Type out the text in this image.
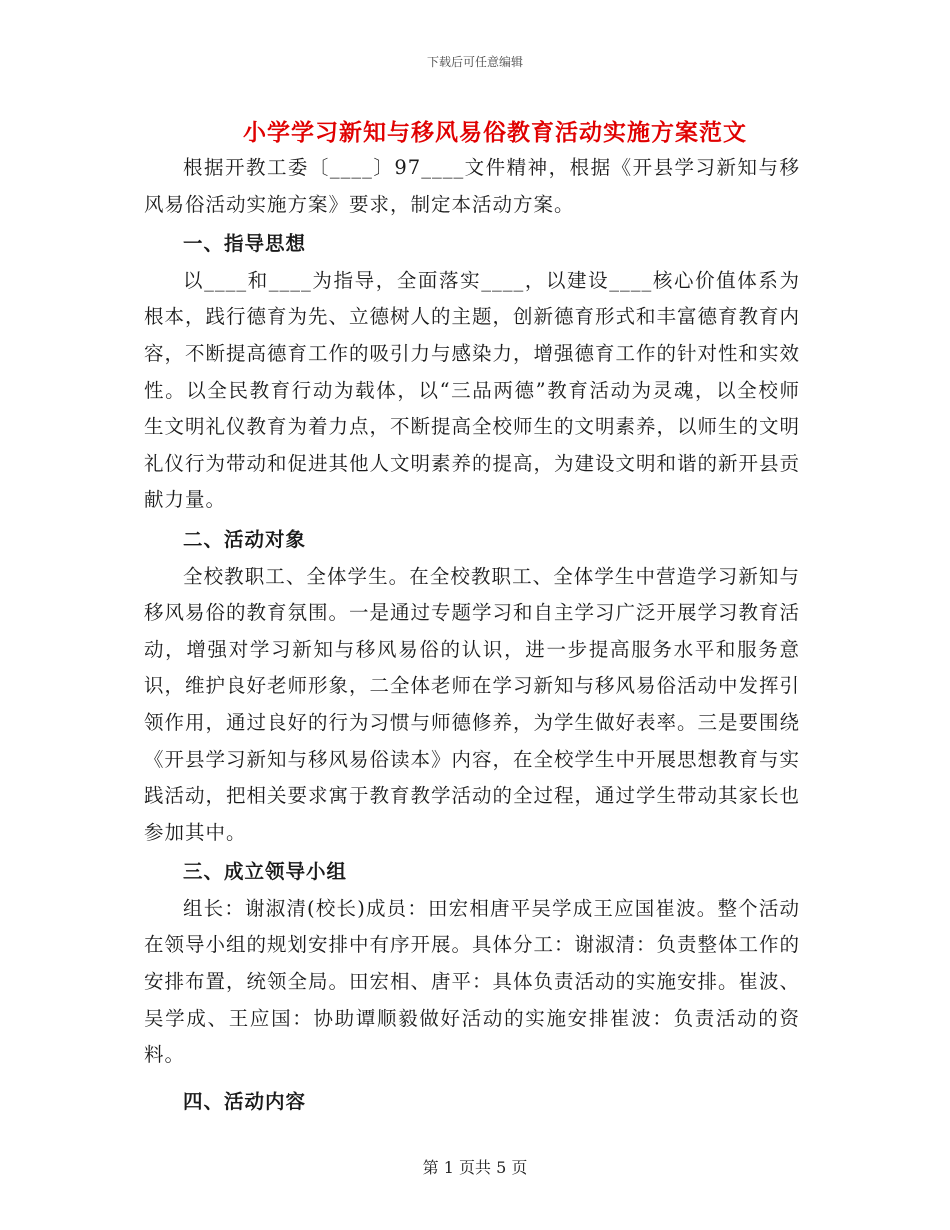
下载后可任意编辑
小学学习新知与移风易俗教育活动实施方案范文

根据开教工委〔____〕97____文件精神，根据《开县学习新知与移风易俗活动实施方案》要求，制定本活动方案。

一、指导思想

以____和____为指导，全面落实____，以建设____核心价值体系为根本，践行德育为先、立德树人的主题，创新德育形式和丰富德育教育内容，不断提高德育工作的吸引力与感染力，增强德育工作的针对性和实效性。以全民教育行动为载体，以“三品两德”教育活动为灵魂，以全校师生文明礼仪教育为着力点，不断提高全校师生的文明素养，以师生的文明礼仪行为带动和促进其他人文明素养的提高，为建设文明和谐的新开县贡献力量。

二、活动对象

全校教职工、全体学生。在全校教职工、全体学生中营造学习新知与移风易俗的教育氛围。一是通过专题学习和自主学习广泛开展学习教育活动，增强对学习新知与移风易俗的认识，进一步提高服务水平和服务意识，维护良好老师形象，二全体老师在学习新知与移风易俗活动中发挥引领作用，通过良好的行为习惯与师德修养，为学生做好表率。三是要围绕《开县学习新知与移风易俗读本》内容，在全校学生中开展思想教育与实践活动，把相关要求寓于教育教学活动的全过程，通过学生带动其家长也参加其中。

三、成立领导小组

组长：谢淑清(校长)成员：田宏相唐平吴学成王应国崔波。整个活动在领导小组的规划安排中有序开展。具体分工：谢淑清：负责整体工作的安排布置，统领全局。田宏相、唐平：具体负责活动的实施安排。崔波、吴学成、王应国：协助谭顺毅做好活动的实施安排崔波：负责活动的资料。

四、活动内容
第 1 页共 5 页
